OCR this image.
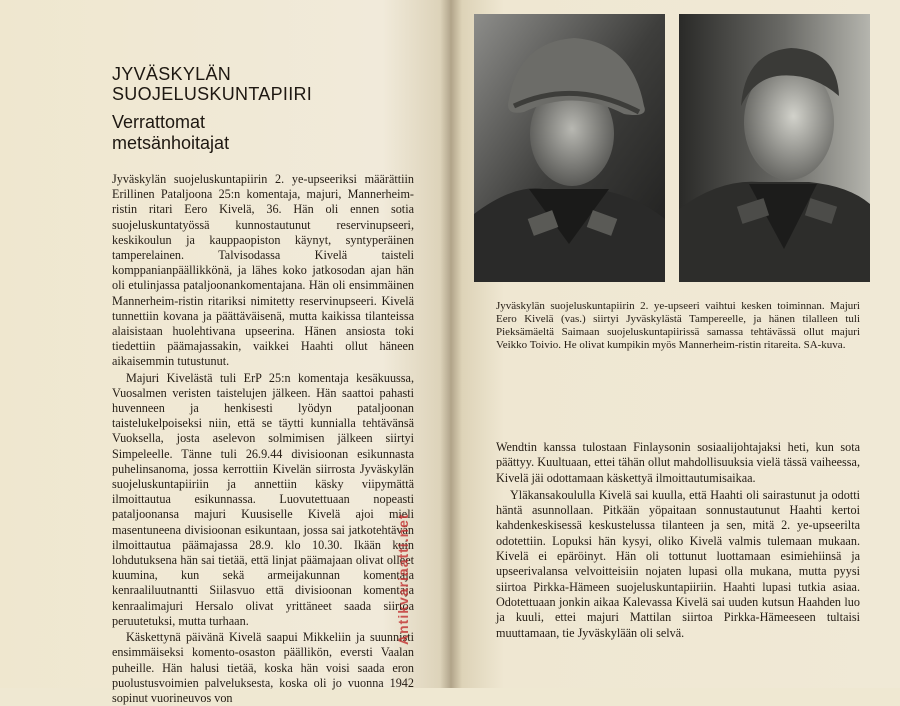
JYVÄSKYLÄN
SUOJELUSKUNTAPIIRI
Verrattomat
metsänhoitajat

Jyväskylän suojeluskuntapiirin 2. ye-upseeriksi määrättiin Erillinen Pataljoona 25:n komentaja, majuri, Mannerheim-ristin ritari Eero Kivelä, 36. Hän oli ennen sotia suojeluskuntatyössä kunnostautunut reservinupseeri, keskikoulun ja kauppaopiston käynyt, syntyperäinen tamperelainen. Talvisodassa Kivelä taisteli komppanianpäällikkönä, ja lähes koko jatkosodan ajan hän oli etulinjassa pataljoonankomentajana. Hän oli ensimmäinen Mannerheim-ristin ritariksi nimitetty reservinupseeri. Kivelä tunnettiin kovana ja päättäväisenä, mutta kaikissa tilanteissa alaisistaan huolehtivana upseerina. Hänen ansiosta toki tiedettiin päämajassakin, vaikkei Haahti ollut häneen aikaisemmin tutustunut.

Majuri Kivelästä tuli ErP 25:n komentaja kesäkuussa, Vuosalmen veristen taistelujen jälkeen. Hän saattoi pahasti huvenneen ja henkisesti lyödyn pataljoonan taistelukelpoiseksi niin, että se täytti kunnialla tehtävänsä Vuoksella, josta aselevon solmimisen jälkeen siirtyi Simpeleelle. Tänne tuli 26.9.44 divisioonan esikunnasta puhelinsanoma, jossa kerrottiin Kivelän siirrosta Jyväskylän suojeluskuntapiiriin ja annettiin käsky viipymättä ilmoittautua esikunnassa. Luovutettuaan nopeasti pataljoonansa majuri Kuusiselle Kivelä ajoi mieli masentuneena divisioonan esikuntaan, jossa sai jatkotehtävän ilmoittautua päämajassa 28.9. klo 10.30. Ikään kuin lohdutuksena hän sai tietää, että linjat päämajaan olivat olleet kuumina, kun sekä armeijakunnan komentaja kenraaliluutnantti Siilasvuo että divisioonan komentaja kenraalimajuri Hersalo olivat yrittäneet saada siirtoa peruutetuksi, mutta turhaan.

Käskettynä päivänä Kivelä saapui Mikkeliin ja suunnisti ensimmäiseksi komento-osaston päällikön, eversti Vaalan puheille. Hän halusi tietää, koska hän voisi saada eron puolustusvoimien palveluksesta, koska oli jo vuonna 1942 sopinut vuorineuvos von

Antikvariaatti.net
Jyväskylän suojeluskuntapiirin 2. ye-upseeri vaihtui kesken toiminnan. Majuri Eero Kivelä (vas.) siirtyi Jyväskylästä Tampereelle, ja hänen tilalleen tuli Pieksämäeltä Saimaan suojeluskuntapiirissä samassa tehtävässä ollut majuri Veikko Toivio. He olivat kumpikin myös Mannerheim-ristin ritareita. SA-kuva.

Wendtin kanssa tulostaan Finlaysonin sosiaalijohtajaksi heti, kun sota päättyy. Kuultuaan, ettei tähän ollut mahdollisuuksia vielä tässä vaiheessa, Kivelä jäi odottamaan käskettyä ilmoittautumisaikaa.

Yläkansakoululla Kivelä sai kuulla, että Haahti oli sairastunut ja odotti häntä asunnollaan. Pitkään yöpaitaan sonnustautunut Haahti kertoi kahdenkeskisessä keskustelussa tilanteen ja sen, mitä 2. ye-upseerilta odotettiin. Lopuksi hän kysyi, oliko Kivelä valmis tulemaan mukaan. Kivelä ei epäröinyt. Hän oli tottunut luottamaan esimiehiinsä ja upseerivalansa velvoitteisiin nojaten lupasi olla mukana, mutta pyysi siirtoa Pirkka-Hämeen suojeluskuntapiiriin. Haahti lupasi tutkia asiaa. Odotettuaan jonkin aikaa Kalevassa Kivelä sai uuden kutsun Haahden luo ja kuuli, ettei majuri Mattilan siirtoa Pirkka-Hämeeseen tultaisi muuttamaan, tie Jyväskylään oli selvä.
